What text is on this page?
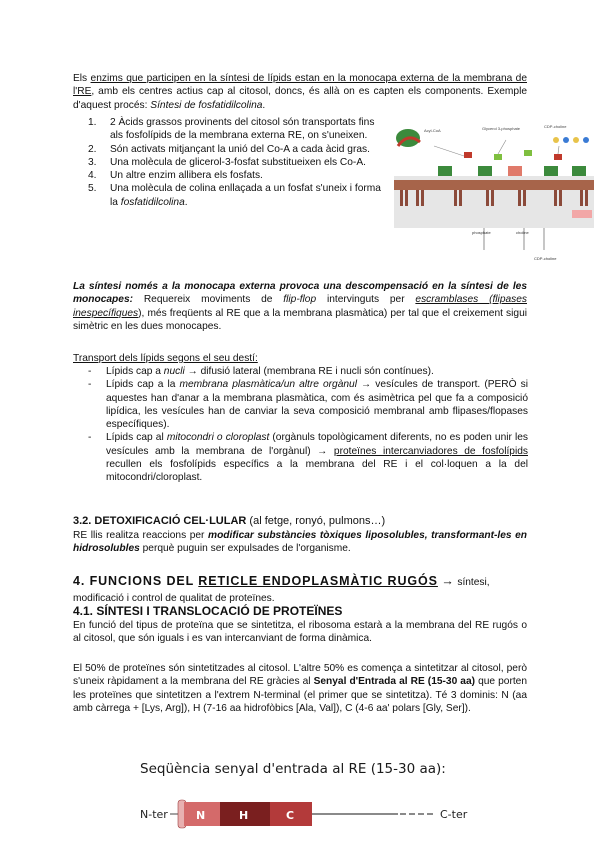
Els enzims que participen en la síntesi de lípids estan en la monocapa externa de la membrana de l'RE, amb els centres actius cap al citosol, doncs, és allà on es capten els components. Exemple d'aquest procés: Síntesi de fosfatidilcolina.

1. 2 Àcids grassos provinents del citosol són transportats fins als fosfolípids de la membrana externa RE, on s'uneixen.
2. Són activats mitjançant la unió del Co-A a cada àcid gras.
3. Una molècula de glicerol-3-fosfat substitueixen els Co-A.
4. Un altre enzim allibera els fosfats.
5. Una molècula de colina enllaçada a un fosfat s'uneix i forma la fosfatidilcolina.
Acyl-CoA	Glycerol 3-phosphate	CDP-choline
phosphate	choline
CDP-choline

La síntesi només a la monocapa externa provoca una descompensació en la síntesi de les monocapes: Requereix moviments de flip-flop intervinguts per escramblases (flipases inespecífiques), més freqüents al RE que a la membrana plasmàtica) per tal que el creixement sigui simètric en les dues monocapes.

Transport dels lípids segons el seu destí:

- Lípids cap a nucli → difusió lateral (membrana RE i nucli són contínues).
- Lípids cap a la membrana plasmàtica/un altre orgànul → vesícules de transport. (PERÒ si aquestes han d'anar a la membrana plasmàtica, com és asimètrica pel que fa a composició lipídica, les vesícules han de canviar la seva composició membranal amb flipases/flopases específiques).
- Lípids cap al mitocondri o cloroplast (orgànuls topològicament diferents, no es poden unir les vesícules amb la membrana de l'orgànul) → proteïnes intercanviadores de fosfolípids recullen els fosfolípids específics a la membrana del RE i el col·loquen a la del mitocondri/cloroplast.

3.2. DETOXIFICACIÓ CEL·LULAR (al fetge, ronyó, pulmons…)

RE llis realitza reaccions per modificar substàncies tòxiques liposolubles, transformant-les en hidrosolubles perquè puguin ser expulsades de l'organisme.

4. FUNCIONS DEL RETICLE ENDOPLASMÀTIC RUGÓS → síntesi, modificació i control de qualitat de proteïnes.

4.1. SÍNTESI I TRANSLOCACIÓ DE PROTEÏNES

En funció del tipus de proteïna que se sintetitza, el ribosoma estarà a la membrana del RE rugós o al citosol, que són iguals i es van intercanviant de forma dinàmica.

El 50% de proteïnes són sintetitzades al citosol. L'altre 50% es comença a sintetitzar al citosol, però s'uneix ràpidament a la membrana del RE gràcies al Senyal d'Entrada al RE (15-30 aa) que porten les proteïnes que sintetitzen a l'extrem N-terminal (el primer que se sintetitza). Té 3 dominis: N (aa amb càrrega + [Lys, Arg]), H (7-16 aa hidrofòbics [Ala, Val]), C (4-6 aa' polars [Gly, Ser]).

Seqüència senyal d'entrada al RE (15-30 aa):
N-ter	N	H	C	C-ter
